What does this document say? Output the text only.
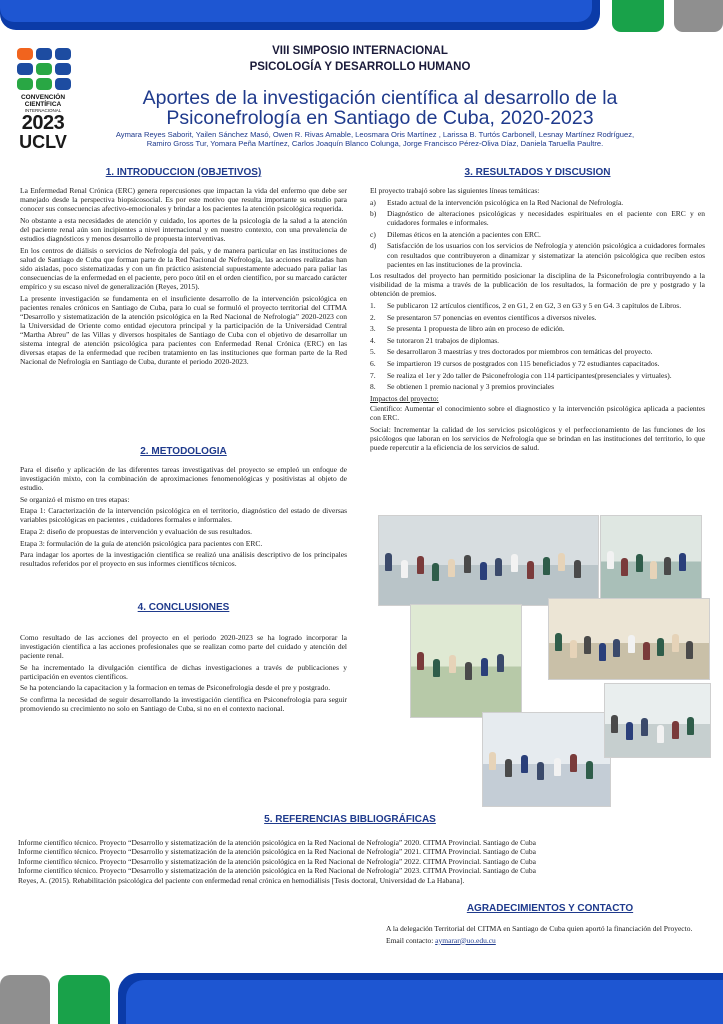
CONVENCIÓN
CIENTÍFICA
INTERNACIONAL
2023
UCLV
VIII SIMPOSIO INTERNACIONAL
PSICOLOGÍA Y DESARROLLO HUMANO
Aportes de la investigación científica al desarrollo de la
Psiconefrología en Santiago de Cuba, 2020-2023
Aymara Reyes Saborit, Yailen Sánchez Masó, Owen R. Rivas Amable, Leosmara Oris Martínez , Larissa B. Turtós Carbonell, Lesnay Martínez Rodríguez,
Ramiro Gross Tur, Yomara Peña Martínez, Carlos Joaquín Blanco Colunga, Jorge Francisco Pérez-Oliva Díaz, Daniela Taruella Paultre.
1. INTRODUCCION (OBJETIVOS)

La Enfermedad Renal Crónica (ERC) genera repercusiones que impactan la vida del enfermo que debe ser manejado desde la perspectiva biopsicosocial. Es por este motivo que resulta importante su estudio para conocer sus consecuencias afectivo-emocionales y brindar a los pacientes la atención psicológica requerida.

No obstante a esta necesidades de atención y cuidado, los aportes de la psicología de la salud a la atención del paciente renal aún son incipientes a nivel internacional y en nuestro contexto, con una prevalencia de estudios diagnósticos y menos desarrollo de propuesta interventivas.

En los centros de diálisis o servicios de Nefrología del país, y de manera particular en las instituciones de salud de Santiago de Cuba que forman parte de la Red Nacional de Nefrología, las acciones realizadas han sido aisladas, poco sistematizadas y con un fin práctico asistencial supuestamente adecuado para paliar las consecuencias de la enfermedad en el paciente, pero poco útil en el orden científico, por su marcado carácter empírico y su escaso nivel de generalización (Reyes, 2015).

La presente investigación se fundamenta en el insuficiente desarrollo de la intervención psicológica en pacientes renales crónicos en Santiago de Cuba, para lo cual se formuló el proyecto territorial del CITMA “Desarrollo y sistematización de la atención psicológica en la Red Nacional de Nefrología” 2020-2023 con la Universidad de Oriente como entidad ejecutora principal y la participación de la Universidad Central “Martha Abreu” de las Villas y diversos hospitales de Santiago de Cuba con el objetivo de desarrollar un sistema integral de atención psicológica para pacientes con Enfermedad Renal Crónica (ERC) en las diversas etapas de la enfermedad que reciben tratamiento en las instituciones que forman parte de la Red Nacional de Nefrología en Santiago de Cuba, durante el periodo 2020-2023.

2. METODOLOGIA

Para el diseño y aplicación de las diferentes tareas investigativas del proyecto se empleó un enfoque de investigación mixto, con la combinación de aproximaciones fenomenológicas y positivistas al objeto de estudio.

Se organizó el mismo en tres etapas:

Etapa 1: Caracterización de la intervención psicológica en el territorio, diagnóstico del estado de diversas variables psicológicas en pacientes , cuidadores formales e informales.

Etapa 2: diseño de propuestas de intervención y evaluación de sus resultados.

Etapa 3: formulación de la guía de atención psicológica para pacientes con ERC.

Para indagar los aportes de la investigación científica se realizó una análisis descriptivo de los principales resultados referidos por el proyecto en sus informes científicos técnicos.

4. CONCLUSIONES

Como resultado de las acciones del proyecto en el periodo 2020-2023 se ha logrado incorporar la investigación científica a las acciones profesionales que se realizan como parte del cuidado y atención del paciente renal.

Se ha incrementado la divulgación científica de dichas investigaciones a través de publicaciones y participación en eventos científicos.

Se ha potenciando la capacitacion y la formacion en temas de Psiconefrologia desde el pre y postgrado.

Se confirma la necesidad de seguir desarrollando la investigación científica en Psiconefrologia para seguir promoviendo su crecimiento no solo en Santiago de Cuba, si no en el contexto nacional.

3. RESULTADOS Y DISCUSION

El proyecto trabajó sobre las siguientes líneas temáticas:

a)	Estado actual de la intervención psicológica en la Red Nacional de Nefrología.
b)	Diagnóstico de alteraciones psicológicas y necesidades espirituales en el paciente con ERC y en cuidadores formales e informales.
c)	Dilemas éticos en la atención a pacientes con ERC.
d)	Satisfacción de los usuarios con los servicios de Nefrología y atención psicológica a cuidadores formales con resultados que contribuyeron a dinamizar y sistematizar la atención psicológica que reciben estos pacientes en las instituciones de la provincia.

Los resultados del proyecto han permitido posicionar la disciplina de la Psiconefrologia contribuyendo a la visibilidad de la misma a través de la publicación de los resultados, la formación de pre y postgrado y la obtención de premios.

1.	Se publicaron 12 artículos científicos, 2 en G1, 2 en G2, 3 en G3 y 5 en G4. 3 capítulos de Libros.
2.	Se presentaron 57 ponencias en eventos científicos a diversos niveles.
3.	Se presenta 1 propuesta de libro aún en proceso de edición.
4.	Se tutoraron 21 trabajos de diplomas.
5.	Se desarrollaron 3 maestrías y tres doctorados por miembros con temáticas del proyecto.
6.	Se impartieron 19 cursos de postgrados con 115 beneficiados y 72 estudiantes capacitados.
7.	Se realiza el 1er y 2do taller de Psiconefrologia con 114 participantes(presenciales y virtuales).
8.	Se obtienen 1 premio nacional y 3 premios provinciales

Impactos del proyecto:

Científico: Aumentar el conocimiento sobre el diagnostico y la intervención psicológica aplicada a pacientes con ERC.

Social: Incrementar la calidad de los servicios psicológicos y el perfeccionamiento de las funciones de los psicólogos que laboran en los servicios de Nefrología que se brindan en las instituciones del territorio, lo que puede repercutir a la eficiencia de los servicios de salud.

5. REFERENCIAS BIBLIOGRÁFICAS
Informe científico técnico. Proyecto “Desarrollo y sistematización de la atención psicológica en la Red Nacional de Nefrología” 2020. CITMA Provincial. Santiago de Cuba
Informe científico técnico. Proyecto “Desarrollo y sistematización de la atención psicológica en la Red Nacional de Nefrología” 2021. CITMA Provincial. Santiago de Cuba
Informe científico técnico. Proyecto “Desarrollo y sistematización de la atención psicológica en la Red Nacional de Nefrología” 2022. CITMA Provincial. Santiago de Cuba
Informe científico técnico. Proyecto “Desarrollo y sistematización de la atención psicológica en la Red Nacional de Nefrología” 2023. CITMA Provincial. Santiago de Cuba
Reyes, A. (2015). Rehabilitación psicológica del paciente con enfermedad renal crónica en hemodiálisis [Tesis doctoral, Universidad de La Habana].
AGRADECIMIENTOS Y CONTACTO

A la delegación Territorial del CITMA en Santiago de Cuba quien aportó la financiación del Proyecto.

Email contacto: aymarar@uo.edu.cu
